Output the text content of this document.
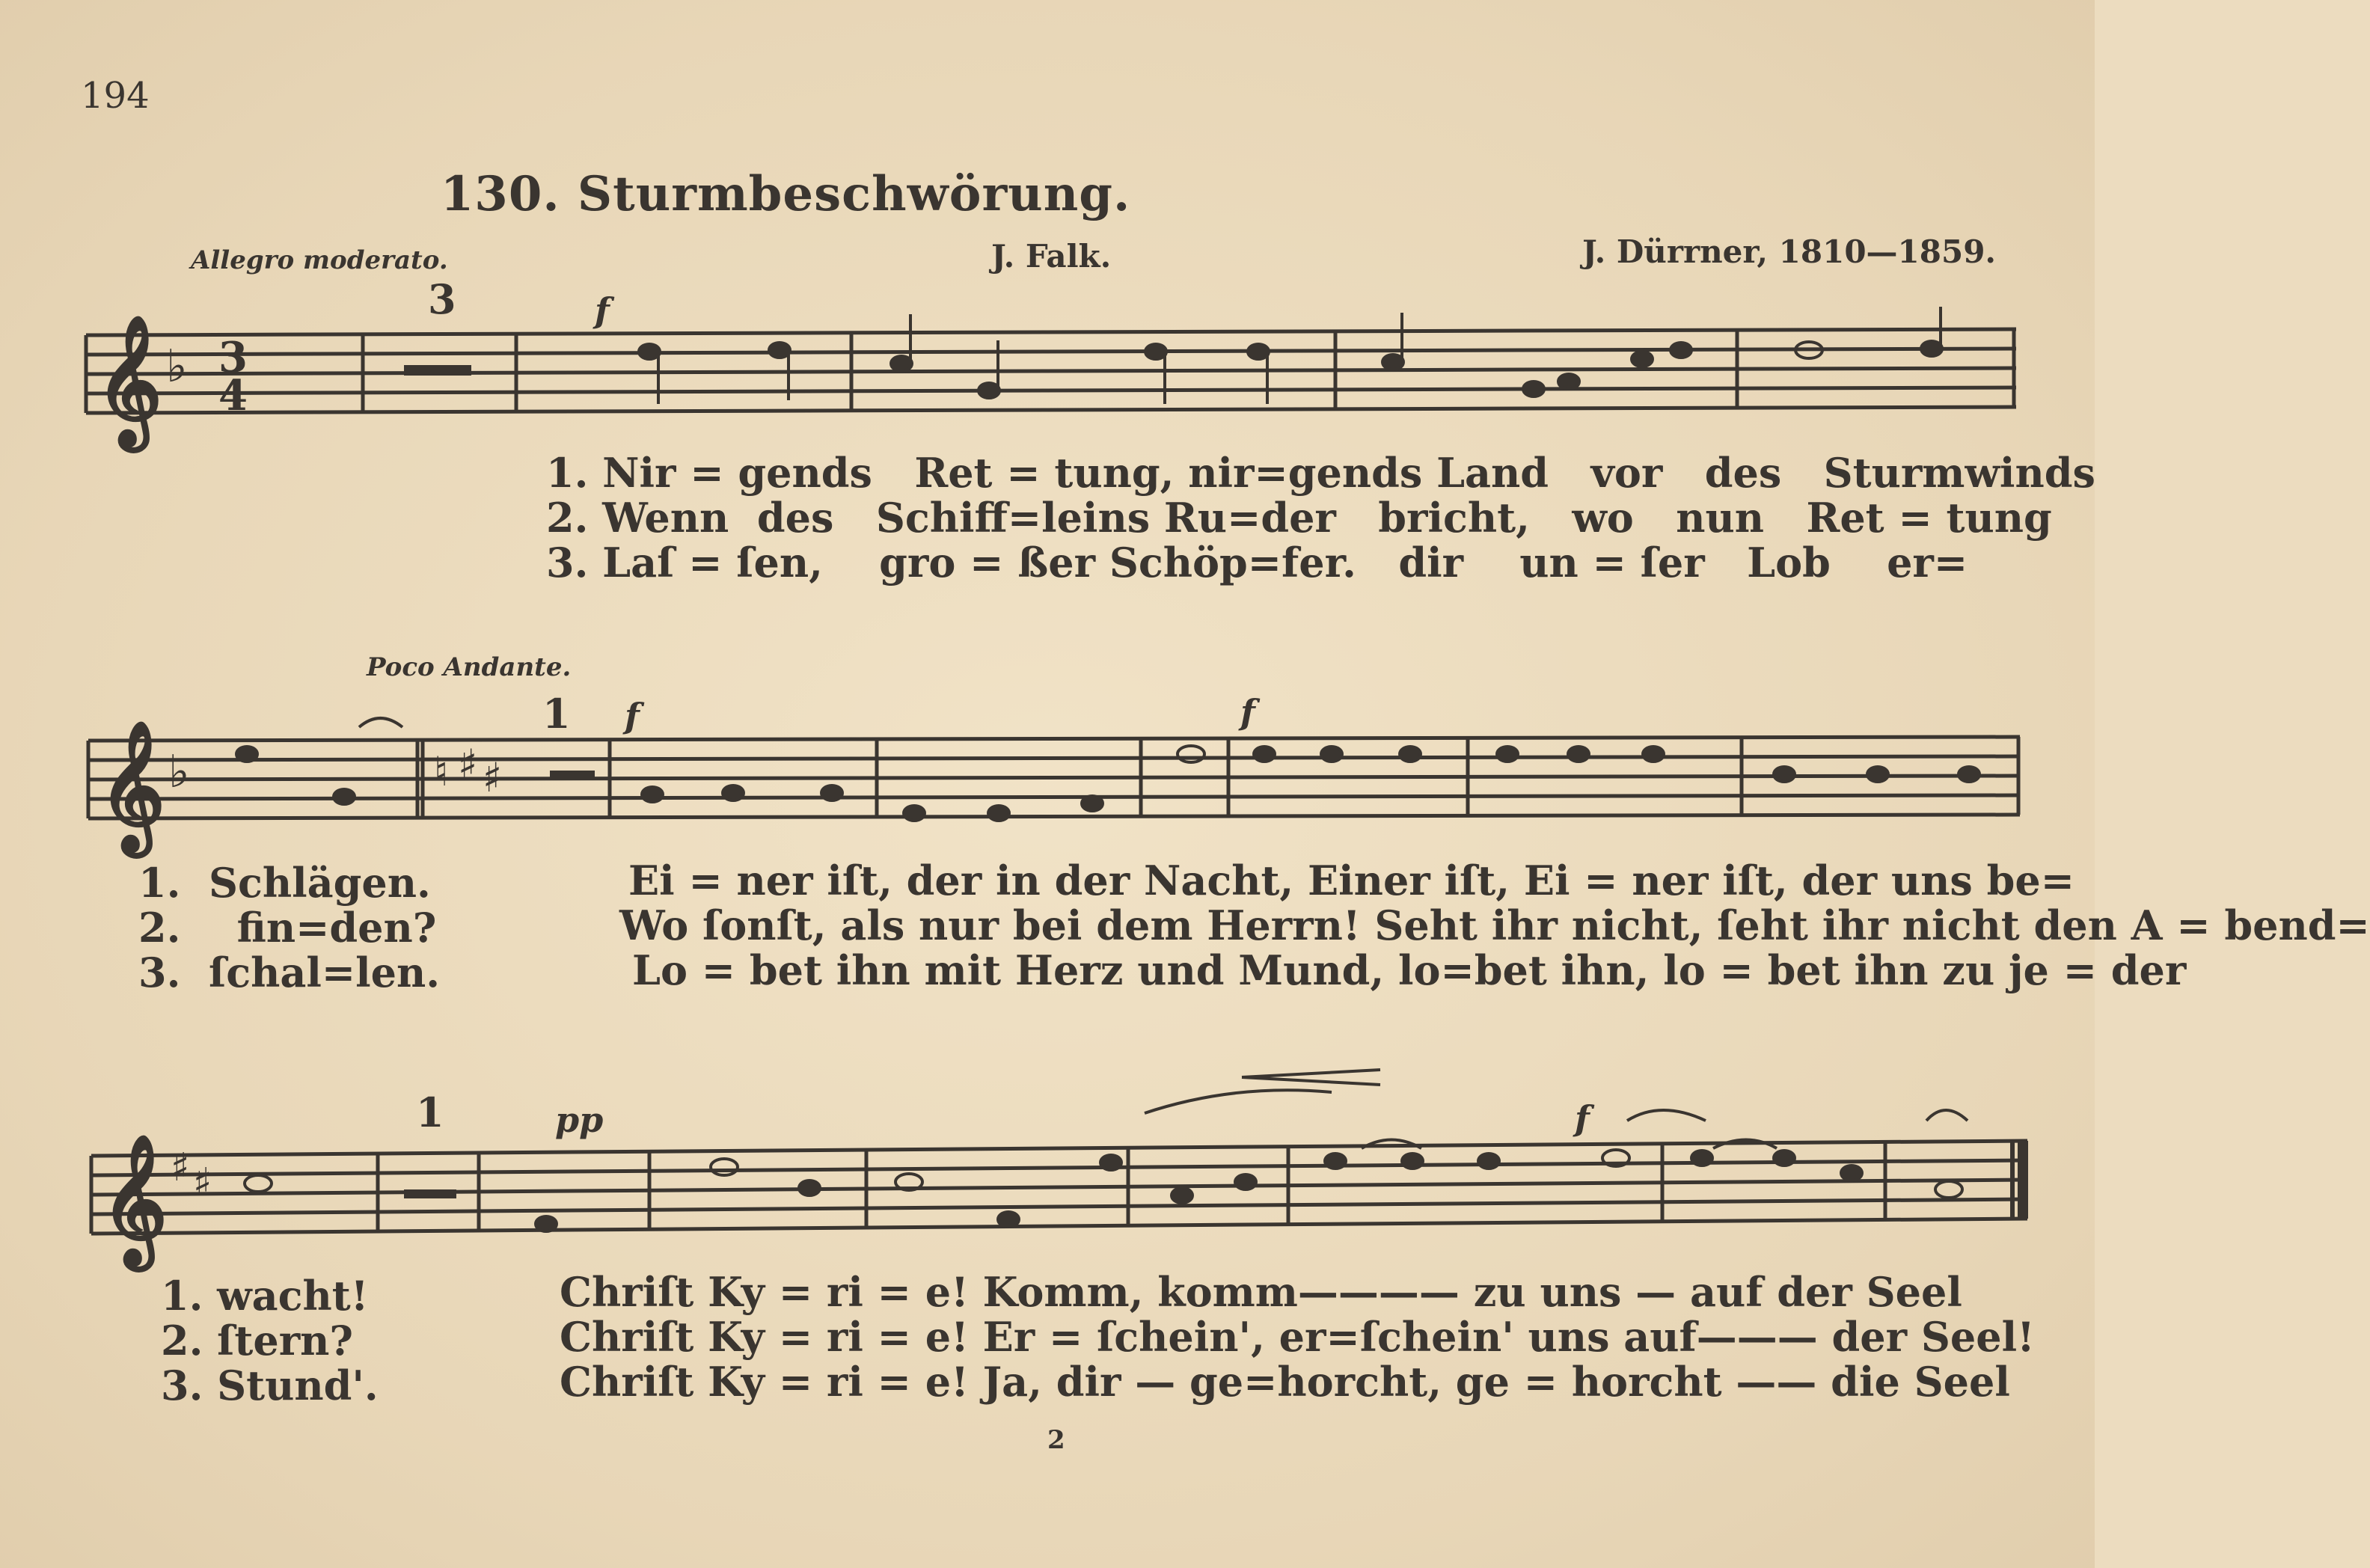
194
130. Sturmbeschwörung.
Allegro moderato.	J. Falk.	J. Dürrner, 1810—1859.
3	f
𝄞 ♭ 3
4
𝄞 ♭	♮ ♯ ♯
𝄞 ♯ ♯
1. Nir = gends Ret = tung, nir=gends Land vor des Sturmwinds
2. Wenn des Schiff=leins Ru=der bricht, wo nun Ret = tung
3. Laſ = ſen, gro = ßer Schöp=fer. dir un = ſer Lob er=
Poco Andante.
1 f	f
1. Schlägen.
2. fin=den?
3. ſchal=len.
Ei = ner iſt, der in der Nacht, Einer iſt, Ei = ner iſt, der uns be=
Wo ſonſt, als nur bei dem Herrn! Seht ihr nicht, ſeht ihr nicht den A = bend=
Lo = bet ihn mit Herz und Mund, lo=bet ihn, lo = bet ihn zu je = der
1	pp	f
1. wacht!
2. ſtern?
3. Stund'.
Chriſt Ky = ri = e! Komm, komm———— zu uns — auf der Seel
Chriſt Ky = ri = e! Er = ſchein', er=ſchein' uns auf——— der Seel!
Chriſt Ky = ri = e! Ja, dir — ge=horcht, ge = horcht —— die Seel
2
